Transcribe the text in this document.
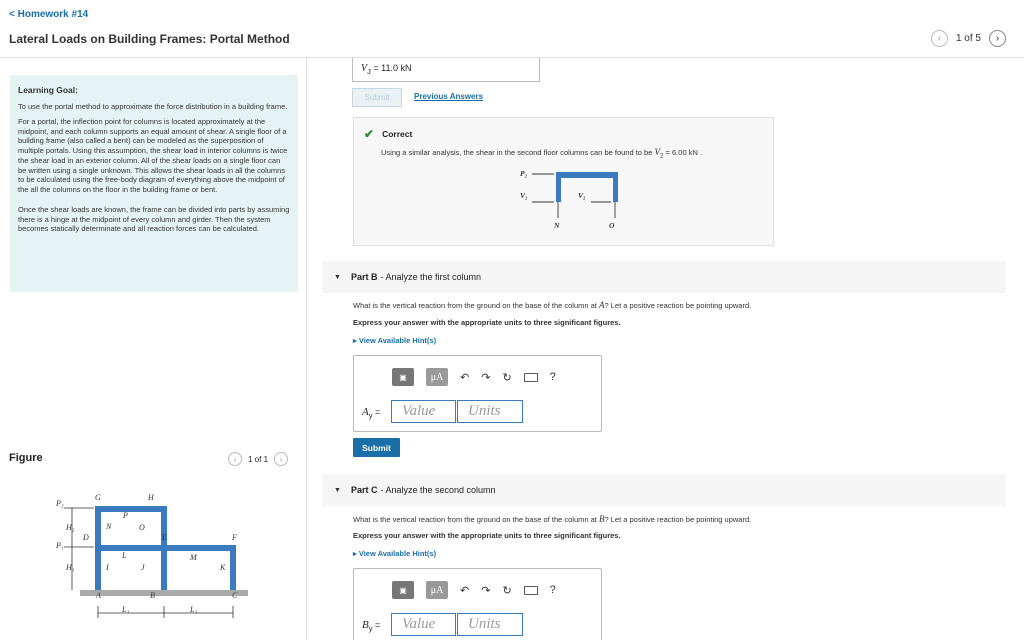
< Homework #14
Lateral Loads on Building Frames: Portal Method	‹	1 of 5	›
Learning Goal:

To use the portal method to approximate the force distribution in a building frame.

For a portal, the inflection point for columns is located approximately at the midpoint, and each column supports an equal amount of shear. A single floor of a building frame (also called a bent) can be modeled as the superposition of multiple portals. Using this assumption, the shear load in interior columns is twice the shear load in an exterior column. All of the shear loads on a single floor can be written using a single unknown. This allows the shear loads in all the columns to be calculated using the free-body diagram of everything above the midpoint of the all the columns on the floor in the building frame or bent.

Once the shear loads are known, the frame can be divided into parts by assuming there is a hinge at the midpoint of every column and girder. Then the system becomes statically determinate and all reaction forces can be calculated.

Figure	‹	1 of 1	›
G	H
P
N	O
D	E	F
L	M
I	J	K
A	B	C
P₂
P₁
H₂
H₁
L₁	L₂
$V_J = 11.0$ kN
Submit	Previous Answers
✔ Correct
Using a similar analysis, the shear in the second floor columns can be found to be $V_2 = 6.00$ kN .
P₂
V₂	V₂
N	O
▼ Part B - Analyze the first column
What is the vertical reaction from the ground on the base of the column at A? Let a positive reaction be pointing upward.
Express your answer with the appropriate units to three significant figures.
▸ View Available Hint(s)
▣	μA	↶ ↷ ↻	?
$A_y$ =	Value	Units
Submit
▼ Part C - Analyze the second column
What is the vertical reaction from the ground on the base of the column at B? Let a positive reaction be pointing upward.
Express your answer with the appropriate units to three significant figures.
▸ View Available Hint(s)
▣	μA	↶ ↷ ↻	?
$B_y$ =	Value	Units
